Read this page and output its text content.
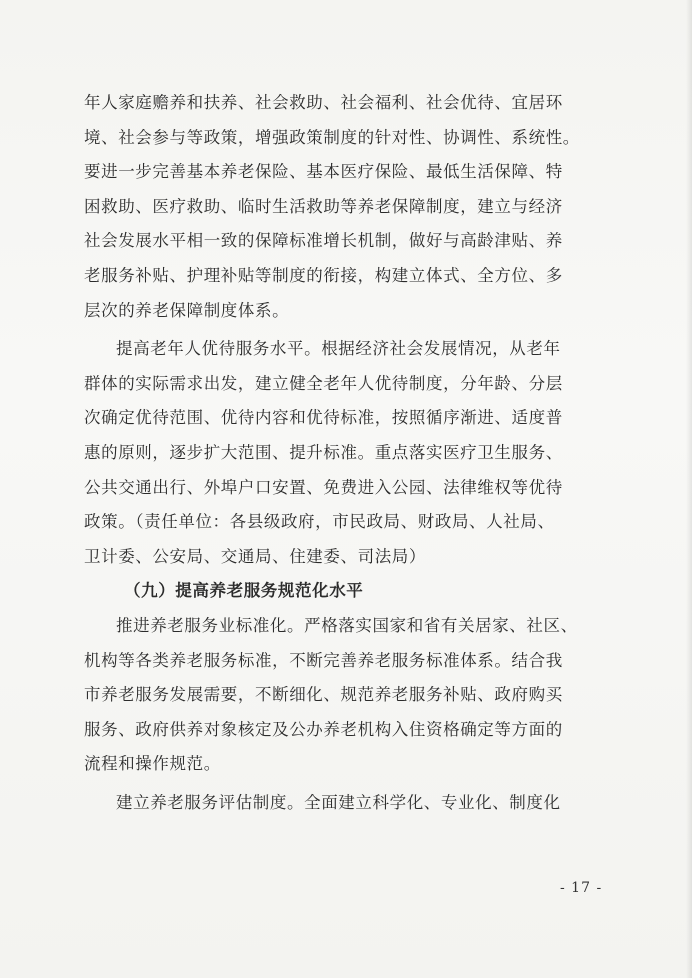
年人家庭赡养和扶养、社会救助、社会福利、社会优待、宜居环
境、社会参与等政策，增强政策制度的针对性、协调性、系统性。
要进一步完善基本养老保险、基本医疗保险、最低生活保障、特
困救助、医疗救助、临时生活救助等养老保障制度，建立与经济
社会发展水平相一致的保障标准增长机制，做好与高龄津贴、养
老服务补贴、护理补贴等制度的衔接，构建立体式、全方位、多
层次的养老保障制度体系。
提高老年人优待服务水平。根据经济社会发展情况，从老年
群体的实际需求出发，建立健全老年人优待制度，分年龄、分层
次确定优待范围、优待内容和优待标准，按照循序渐进、适度普
惠的原则，逐步扩大范围、提升标准。重点落实医疗卫生服务、
公共交通出行、外埠户口安置、免费进入公园、法律维权等优待
政策。（责任单位：各县级政府，市民政局、财政局、人社局、
卫计委、公安局、交通局、住建委、司法局）
（九）提高养老服务规范化水平
推进养老服务业标准化。严格落实国家和省有关居家、社区、
机构等各类养老服务标准，不断完善养老服务标准体系。结合我
市养老服务发展需要，不断细化、规范养老服务补贴、政府购买
服务、政府供养对象核定及公办养老机构入住资格确定等方面的
流程和操作规范。
建立养老服务评估制度。全面建立科学化、专业化、制度化
- 17 -
